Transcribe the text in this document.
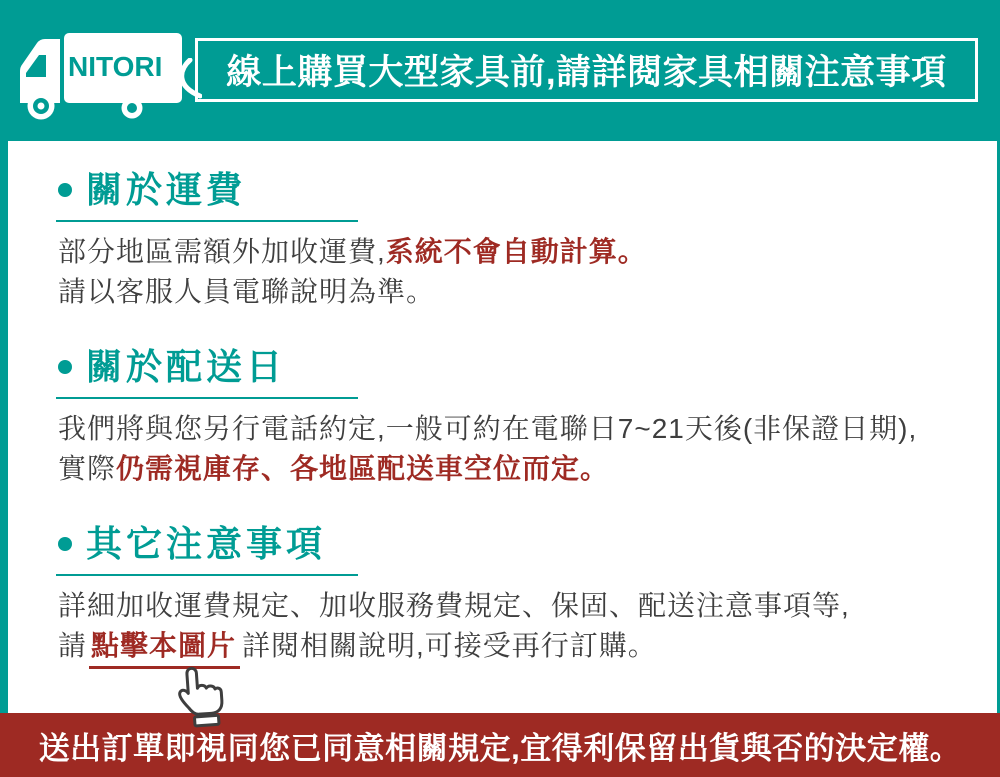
NITORI 線上購買大型家具前,請詳閱家具相關注意事項
關於運費

部分地區需額外加收運費,系統不會自動計算。

請以客服人員電聯說明為準。

關於配送日

我們將與您另行電話約定,一般可約在電聯日7~21天後(非保證日期),

實際仍需視庫存、各地區配送車空位而定。

其它注意事項

詳細加收運費規定、加收服務費規定、保固、配送注意事項等,

請 點擊本圖片 詳閱相關說明,可接受再行訂購。

送出訂單即視同您已同意相關規定,宜得利保留出貨與否的決定權。
